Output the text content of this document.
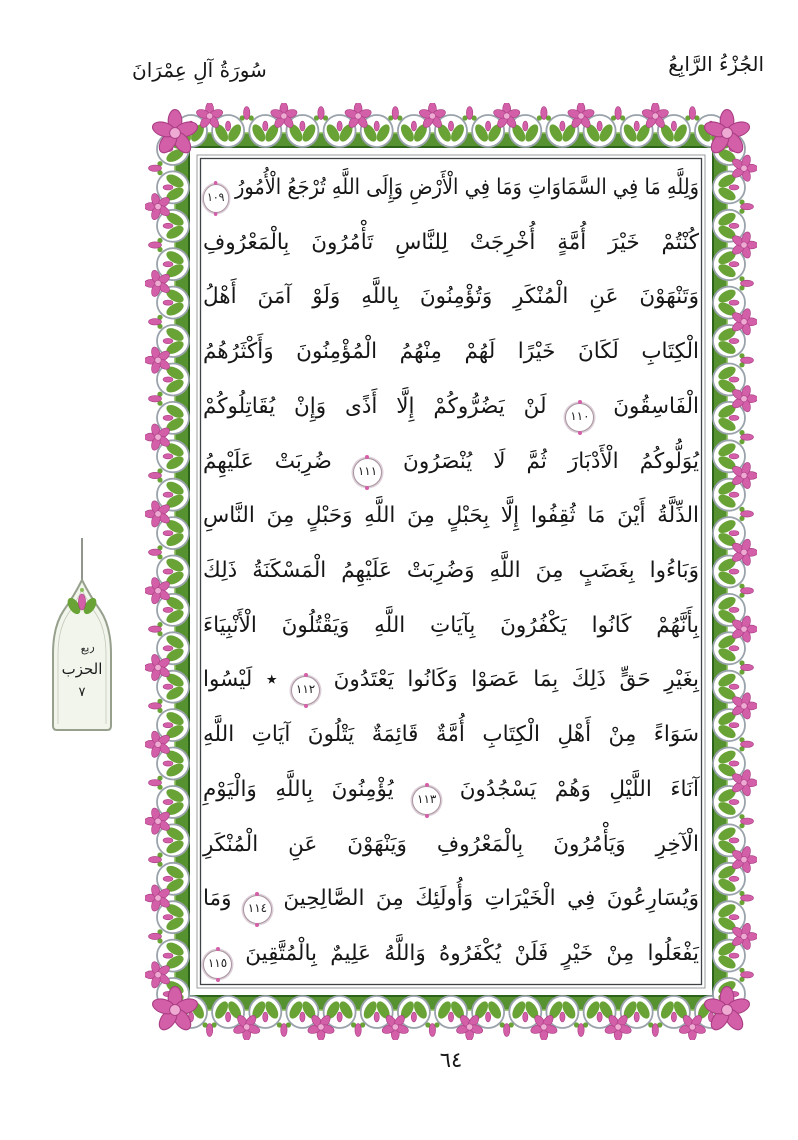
الجُزْءُ الرَّابِعُ
سُورَةُ آلِ عِمْرَانَ
ربع
الحزب
٧
وَلِلَّهِ مَا فِي السَّمَاوَاتِ وَمَا فِي الْأَرْضِ وَإِلَى اللَّهِ تُرْجَعُ الْأُمُورُ ١٠٩
كُنْتُمْ خَيْرَ أُمَّةٍ أُخْرِجَتْ لِلنَّاسِ تَأْمُرُونَ بِالْمَعْرُوفِ
وَتَنْهَوْنَ عَنِ الْمُنْكَرِ وَتُؤْمِنُونَ بِاللَّهِ وَلَوْ آمَنَ أَهْلُ
الْكِتَابِ لَكَانَ خَيْرًا لَهُمْ مِنْهُمُ الْمُؤْمِنُونَ وَأَكْثَرُهُمُ
الْفَاسِقُونَ ١١٠ لَنْ يَضُرُّوكُمْ إِلَّا أَذًى وَإِنْ يُقَاتِلُوكُمْ
يُوَلُّوكُمُ الْأَدْبَارَ ثُمَّ لَا يُنْصَرُونَ ١١١ ضُرِبَتْ عَلَيْهِمُ
الذِّلَّةُ أَيْنَ مَا ثُقِفُوا إِلَّا بِحَبْلٍ مِنَ اللَّهِ وَحَبْلٍ مِنَ النَّاسِ
وَبَاءُوا بِغَضَبٍ مِنَ اللَّهِ وَضُرِبَتْ عَلَيْهِمُ الْمَسْكَنَةُ ذَلِكَ
بِأَنَّهُمْ كَانُوا يَكْفُرُونَ بِآيَاتِ اللَّهِ وَيَقْتُلُونَ الْأَنْبِيَاءَ
بِغَيْرِ حَقٍّ ذَلِكَ بِمَا عَصَوْا وَكَانُوا يَعْتَدُونَ ١١٢ ٭ لَيْسُوا
سَوَاءً مِنْ أَهْلِ الْكِتَابِ أُمَّةٌ قَائِمَةٌ يَتْلُونَ آيَاتِ اللَّهِ
آنَاءَ اللَّيْلِ وَهُمْ يَسْجُدُونَ ١١٣ يُؤْمِنُونَ بِاللَّهِ وَالْيَوْمِ
الْآخِرِ وَيَأْمُرُونَ بِالْمَعْرُوفِ وَيَنْهَوْنَ عَنِ الْمُنْكَرِ
وَيُسَارِعُونَ فِي الْخَيْرَاتِ وَأُولَئِكَ مِنَ الصَّالِحِينَ ١١٤ وَمَا
يَفْعَلُوا مِنْ خَيْرٍ فَلَنْ يُكْفَرُوهُ وَاللَّهُ عَلِيمٌ بِالْمُتَّقِينَ ١١٥
٦٤
